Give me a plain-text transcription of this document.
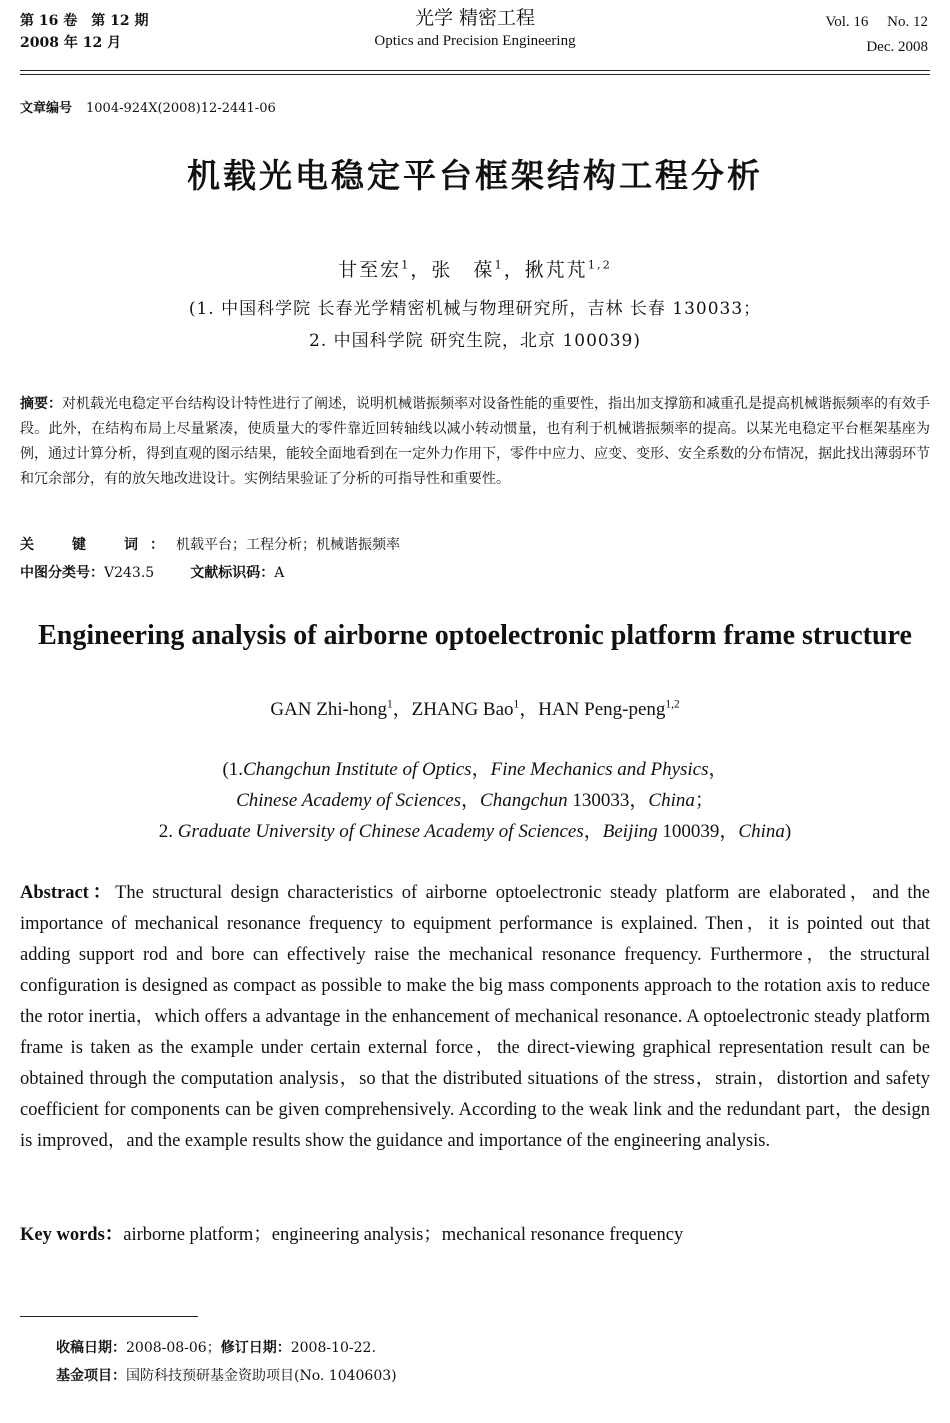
第 16 卷　第 12 期
2008 年 12 月
光学 精密工程
Optics and Precision Engineering
Vol. 16　 No. 12
Dec. 2008
文章编号 1004-924X(2008)12-2441-06
机载光电稳定平台框架结构工程分析
甘至宏$^1$，张　葆$^1$，揪芃芃$^{1,2}$
(1. 中国科学院 长春光学精密机械与物理研究所，吉林 长春 130033；
2. 中国科学院 研究生院，北京 100039)
摘要：对机载光电稳定平台结构设计特性进行了阐述，说明机械谐振频率对设备性能的重要性，指出加支撑筋和减重孔是提高机械谐振频率的有效手段。此外，在结构布局上尽量紧凑，使质量大的零件靠近回转轴线以减小转动惯量，也有利于机械谐振频率的提高。以某光电稳定平台框架基座为例，通过计算分析，得到直观的图示结果，能较全面地看到在一定外力作用下，零件中应力、应变、变形、安全系数的分布情况，据此找出薄弱环节和冗余部分，有的放矢地改进设计。实例结果验证了分析的可指导性和重要性。
关　键　词：机载平台；工程分析；机械谐振频率
中图分类号：V243.5	文献标识码：A
Engineering analysis of airborne optoelectronic platform frame structure
GAN Zhi-hong$^1$，ZHANG Bao$^1$，HAN Peng-peng$^{1,2}$
(1.Changchun Institute of Optics，Fine Mechanics and Physics，
Chinese Academy of Sciences，Changchun 130033，China；
2. Graduate University of Chinese Academy of Sciences，Beijing 100039，China)
Abstract：The structural design characteristics of airborne optoelectronic steady platform are elaborated，and the importance of mechanical resonance frequency to equipment performance is explained. Then，it is pointed out that adding support rod and bore can effectively raise the mechanical resonance frequency. Furthermore，the structural configuration is designed as compact as possible to make the big mass components approach to the rotation axis to reduce the rotor inertia，which offers a advantage in the enhancement of mechanical resonance. A optoelectronic steady platform frame is taken as the example under certain external force，the direct-viewing graphical representation result can be obtained through the computation analysis，so that the distributed situations of the stress，strain，distortion and safety coefficient for components can be given comprehensively. According to the weak link and the redundant part，the design is improved，and the example results show the guidance and importance of the engineering analysis.
Key words：airborne platform；engineering analysis；mechanical resonance frequency
收稿日期：2008-08-06；修订日期：2008-10-22.
基金项目：国防科技预研基金资助项目(No. 1040603)
